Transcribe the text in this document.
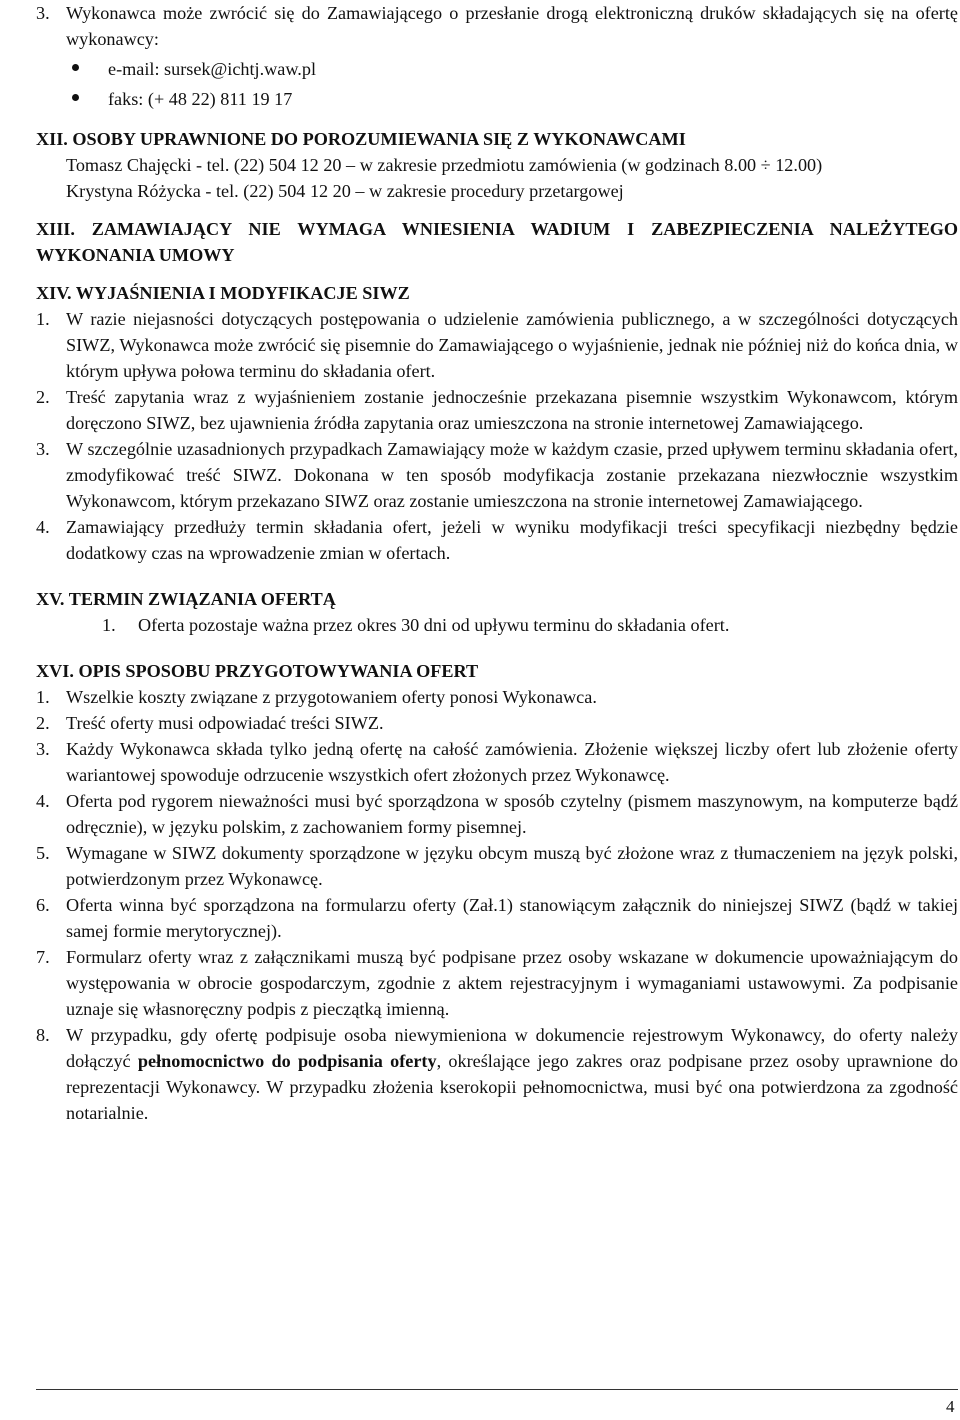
3. Wykonawca może zwrócić się do Zamawiającego o przesłanie drogą elektroniczną druków składających się na ofertę wykonawcy:
e-mail: sursek@ichtj.waw.pl
faks: (+ 48 22) 811 19 17
XII. OSOBY UPRAWNIONE DO POROZUMIEWANIA SIĘ Z WYKONAWCAMI
Tomasz Chajęcki - tel. (22) 504 12 20 – w zakresie przedmiotu zamówienia (w godzinach 8.00 ÷ 12.00)
Krystyna Różycka - tel. (22) 504 12 20 – w zakresie procedury przetargowej
XIII. ZAMAWIAJĄCY NIE WYMAGA WNIESIENIA WADIUM I ZABEZPIECZENIA NALEŻYTEGO WYKONANIA UMOWY
XIV. WYJAŚNIENIA I MODYFIKACJE SIWZ
1. W razie niejasności dotyczących postępowania o udzielenie zamówienia publicznego, a w szczególności dotyczących SIWZ, Wykonawca może zwrócić się pisemnie do Zamawiającego o wyjaśnienie, jednak nie później niż do końca dnia, w którym upływa połowa terminu do składania ofert.
2. Treść zapytania wraz z wyjaśnieniem zostanie jednocześnie przekazana pisemnie wszystkim Wykonawcom, którym doręczono SIWZ, bez ujawnienia źródła zapytania oraz umieszczona na stronie internetowej Zamawiającego.
3. W szczególnie uzasadnionych przypadkach Zamawiający może w każdym czasie, przed upływem terminu składania ofert, zmodyfikować treść SIWZ. Dokonana w ten sposób modyfikacja zostanie przekazana niezwłocznie wszystkim Wykonawcom, którym przekazano SIWZ oraz zostanie umieszczona na stronie internetowej Zamawiającego.
4. Zamawiający przedłuży termin składania ofert, jeżeli w wyniku modyfikacji treści specyfikacji niezbędny będzie dodatkowy czas na wprowadzenie zmian w ofertach.
XV. TERMIN ZWIĄZANIA OFERTĄ
1. Oferta pozostaje ważna przez okres 30 dni od upływu terminu do składania ofert.
XVI. OPIS SPOSOBU PRZYGOTOWYWANIA OFERT
1. Wszelkie koszty związane z przygotowaniem oferty ponosi Wykonawca.
2. Treść oferty musi odpowiadać treści SIWZ.
3. Każdy Wykonawca składa tylko jedną ofertę na całość zamówienia. Złożenie większej liczby ofert lub złożenie oferty wariantowej spowoduje odrzucenie wszystkich ofert złożonych przez Wykonawcę.
4. Oferta pod rygorem nieważności musi być sporządzona w sposób czytelny (pismem maszynowym, na komputerze bądź odręcznie), w języku polskim, z zachowaniem formy pisemnej.
5. Wymagane w SIWZ dokumenty sporządzone w języku obcym muszą być złożone wraz z tłumaczeniem na język polski, potwierdzonym przez Wykonawcę.
6. Oferta winna być sporządzona na formularzu oferty (Zał.1) stanowiącym załącznik do niniejszej SIWZ (bądź w takiej samej formie merytorycznej).
7. Formularz oferty wraz z załącznikami muszą być podpisane przez osoby wskazane w dokumencie upoważniającym do występowania w obrocie gospodarczym, zgodnie z aktem rejestracyjnym i wymaganiami ustawowymi. Za podpisanie uznaje się własnoręczny podpis z pieczątką imienną.
8. W przypadku, gdy ofertę podpisuje osoba niewymieniona w dokumencie rejestrowym Wykonawcy, do oferty należy dołączyć pełnomocnictwo do podpisania oferty, określające jego zakres oraz podpisane przez osoby uprawnione do reprezentacji Wykonawcy. W przypadku złożenia kserokopii pełnomocnictwa, musi być ona potwierdzona za zgodność notarialnie.
4
